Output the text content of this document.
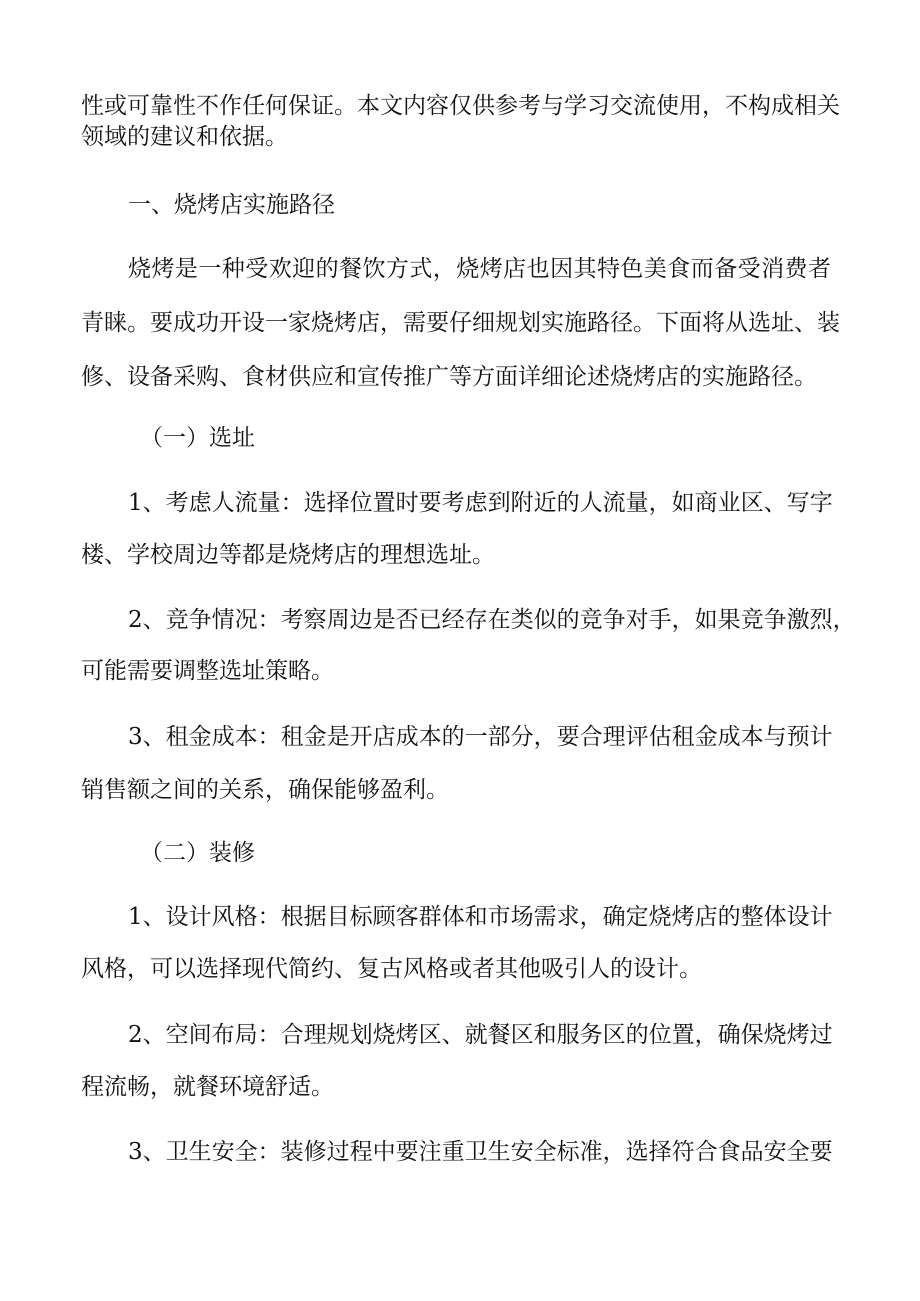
性或可靠性不作任何保证。本文内容仅供参考与学习交流使用，不构成相关
领域的建议和依据。
一、烧烤店实施路径
烧烤是一种受欢迎的餐饮方式，烧烤店也因其特色美食而备受消费者
青睐。要成功开设一家烧烤店，需要仔细规划实施路径。下面将从选址、装
修、设备采购、食材供应和宣传推广等方面详细论述烧烤店的实施路径。
（一）选址
1、考虑人流量：选择位置时要考虑到附近的人流量，如商业区、写字
楼、学校周边等都是烧烤店的理想选址。
2、竞争情况：考察周边是否已经存在类似的竞争对手，如果竞争激烈，
可能需要调整选址策略。
3、租金成本：租金是开店成本的一部分，要合理评估租金成本与预计
销售额之间的关系，确保能够盈利。
（二）装修
1、设计风格：根据目标顾客群体和市场需求，确定烧烤店的整体设计
风格，可以选择现代简约、复古风格或者其他吸引人的设计。
2、空间布局：合理规划烧烤区、就餐区和服务区的位置，确保烧烤过
程流畅，就餐环境舒适。
3、卫生安全：装修过程中要注重卫生安全标准，选择符合食品安全要
